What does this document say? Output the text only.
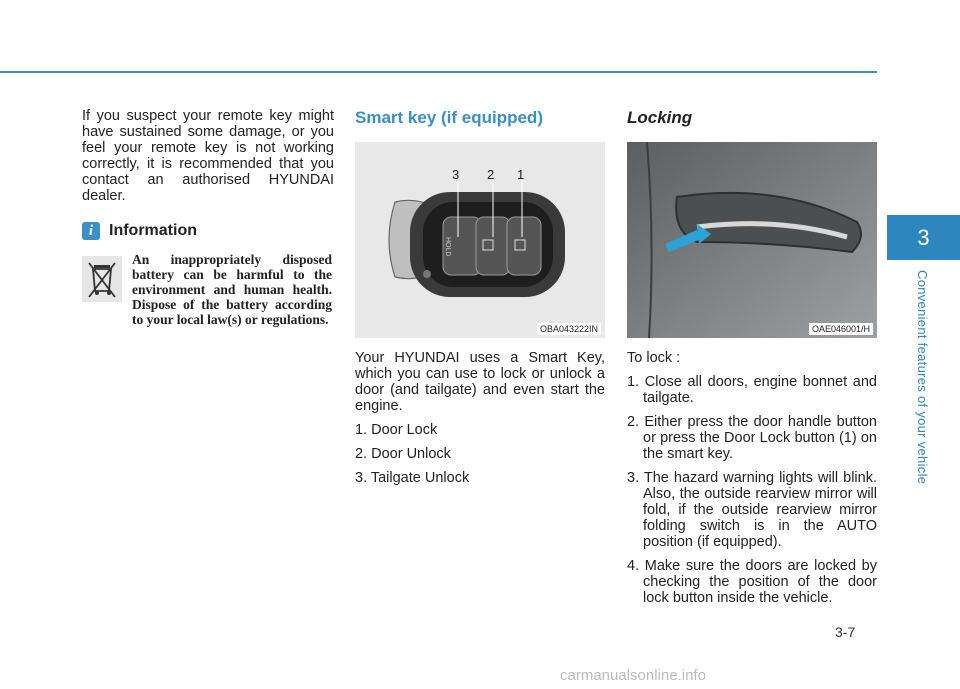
3
Convenient features of your vehicle

If you suspect your remote key might have sustained some damage, or you feel your remote key is not working correctly, it is recommended that you contact an authorised HYUNDAI dealer.

i Information
An inappropriately disposed battery can be harmful to the environment and human health. Dispose of the battery according to your local law(s) or regulations.
Smart key (if equipped)
HOLD
3 2 1
OBA043222IN

Your HYUNDAI uses a Smart Key, which you can use to lock or unlock a door (and tailgate) and even start the engine.

1. Door Lock

2. Door Unlock

3. Tailgate Unlock

Locking
OAE046001/H

To lock :

1. Close all doors, engine bonnet and tailgate.

2. Either press the door handle button or press the Door Lock button (1) on the smart key.

3. The hazard warning lights will blink. Also, the outside rearview mirror will fold, if the outside rearview mirror folding switch is in the AUTO position (if equipped).

4. Make sure the doors are locked by checking the position of the door lock button inside the vehicle.

3-7
carmanualsonline.info
